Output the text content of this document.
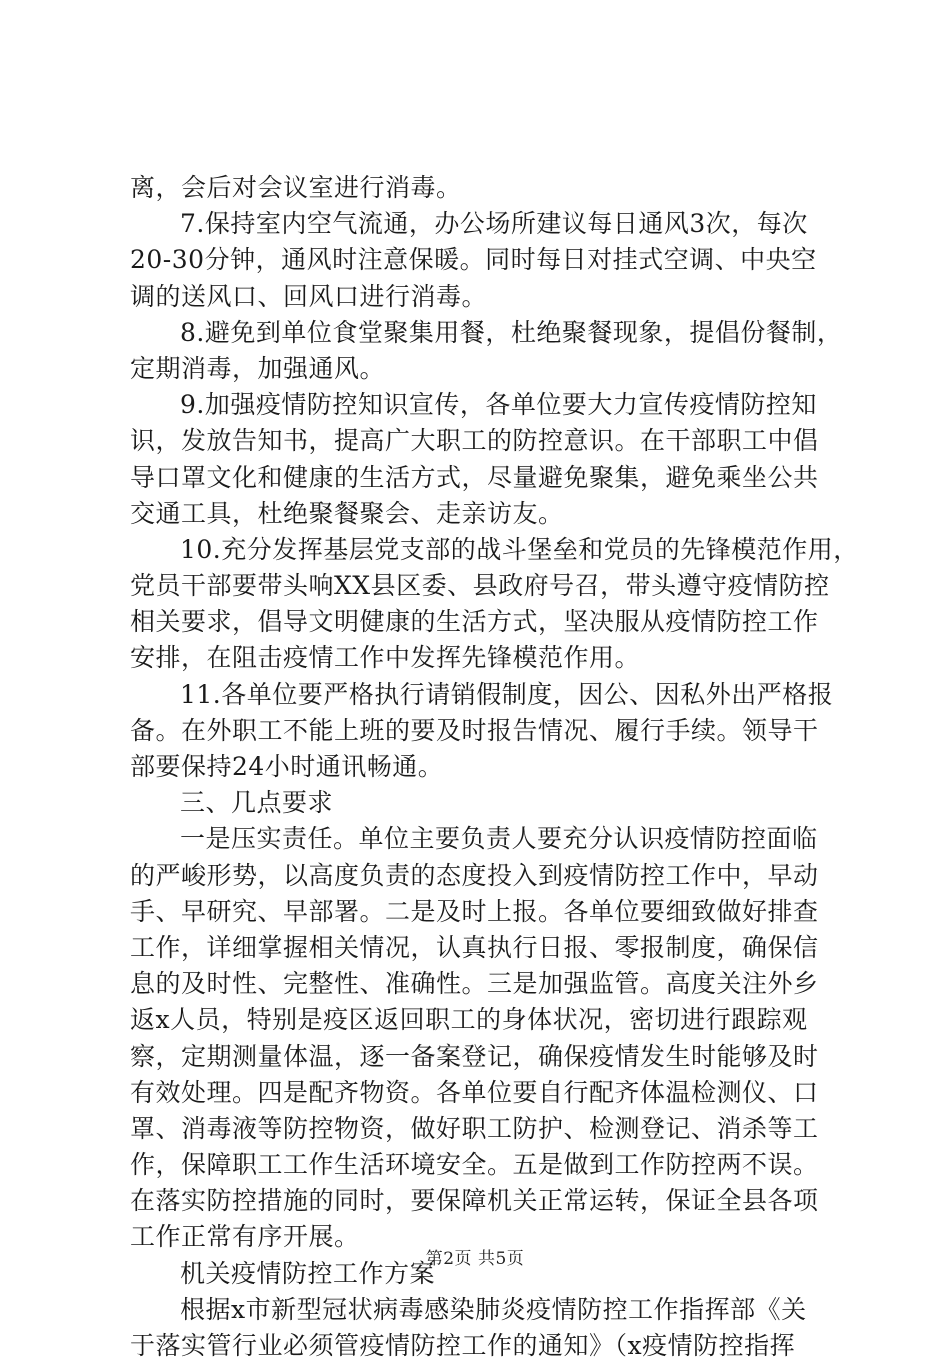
离，会后对会议室进行消毒。
7.保持室内空气流通，办公场所建议每日通风3次，每次
20-30分钟，通风时注意保暖。同时每日对挂式空调、中央空
调的送风口、回风口进行消毒。
8.避免到单位食堂聚集用餐，杜绝聚餐现象，提倡份餐制，
定期消毒，加强通风。
9.加强疫情防控知识宣传，各单位要大力宣传疫情防控知
识，发放告知书，提高广大职工的防控意识。在干部职工中倡
导口罩文化和健康的生活方式，尽量避免聚集，避免乘坐公共
交通工具，杜绝聚餐聚会、走亲访友。
10.充分发挥基层党支部的战斗堡垒和党员的先锋模范作用，
党员干部要带头响XX县区委、县政府号召，带头遵守疫情防控
相关要求，倡导文明健康的生活方式，坚决服从疫情防控工作
安排，在阻击疫情工作中发挥先锋模范作用。
11.各单位要严格执行请销假制度，因公、因私外出严格报
备。在外职工不能上班的要及时报告情况、履行手续。领导干
部要保持24小时通讯畅通。
三、几点要求
一是压实责任。单位主要负责人要充分认识疫情防控面临
的严峻形势，以高度负责的态度投入到疫情防控工作中，早动
手、早研究、早部署。二是及时上报。各单位要细致做好排查
工作，详细掌握相关情况，认真执行日报、零报制度，确保信
息的及时性、完整性、准确性。三是加强监管。高度关注外乡
返x人员，特别是疫区返回职工的身体状况，密切进行跟踪观
察，定期测量体温，逐一备案登记，确保疫情发生时能够及时
有效处理。四是配齐物资。各单位要自行配齐体温检测仪、口
罩、消毒液等防控物资，做好职工防护、检测登记、消杀等工
作，保障职工工作生活环境安全。五是做到工作防控两不误。
在落实防控措施的同时，要保障机关正常运转，保证全县各项
工作正常有序开展。
机关疫情防控工作方案
根据x市新型冠状病毒感染肺炎疫情防控工作指挥部《关
于落实管行业必须管疫情防控工作的通知》（x疫情防控指挥
第2页 共5页
